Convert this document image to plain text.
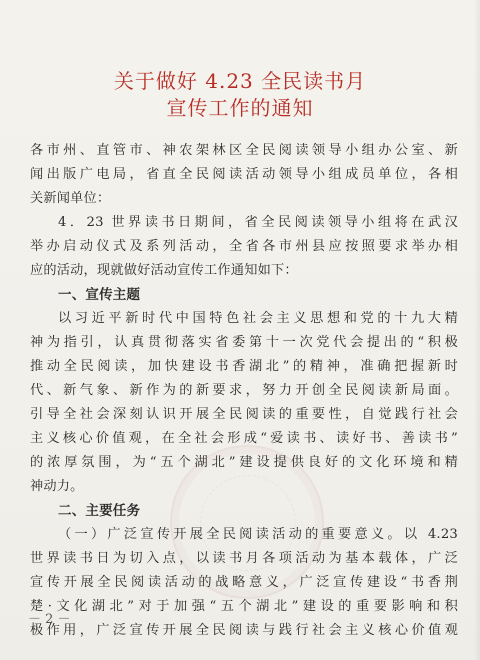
关于做好 4.23 全民读书月
宣传工作的通知
各市州、直管市、神农架林区全民阅读领导小组办公室、新
闻出版广电局，省直全民阅读活动领导小组成员单位，各相
关新闻单位：
4．23 世界读书日期间，省全民阅读领导小组将在武汉
举办启动仪式及系列活动，全省各市州县应按照要求举办相
应的活动，现就做好活动宣传工作通知如下：
一、宣传主题
以习近平新时代中国特色社会主义思想和党的十九大精
神为指引，认真贯彻落实省委第十一次党代会提出的“积极
推动全民阅读，加快建设书香湖北”的精神，准确把握新时
代、新气象、新作为的新要求，努力开创全民阅读新局面。
引导全社会深刻认识开展全民阅读的重要性，自觉践行社会
主义核心价值观，在全社会形成“爱读书、读好书、善读书”
的浓厚氛围，为“五个湖北”建设提供良好的文化环境和精
神动力。
二、主要任务
（一）广泛宣传开展全民阅读活动的重要意义。以 4.23
世界读书日为切入点，以读书月各项活动为基本载体，广泛
宣传开展全民阅读活动的战略意义，广泛宣传建设“书香荆
楚·文化湖北”对于加强“五个湖北”建设的重要影响和积
极作用，广泛宣传开展全民阅读与践行社会主义核心价值观
－ 2 －
